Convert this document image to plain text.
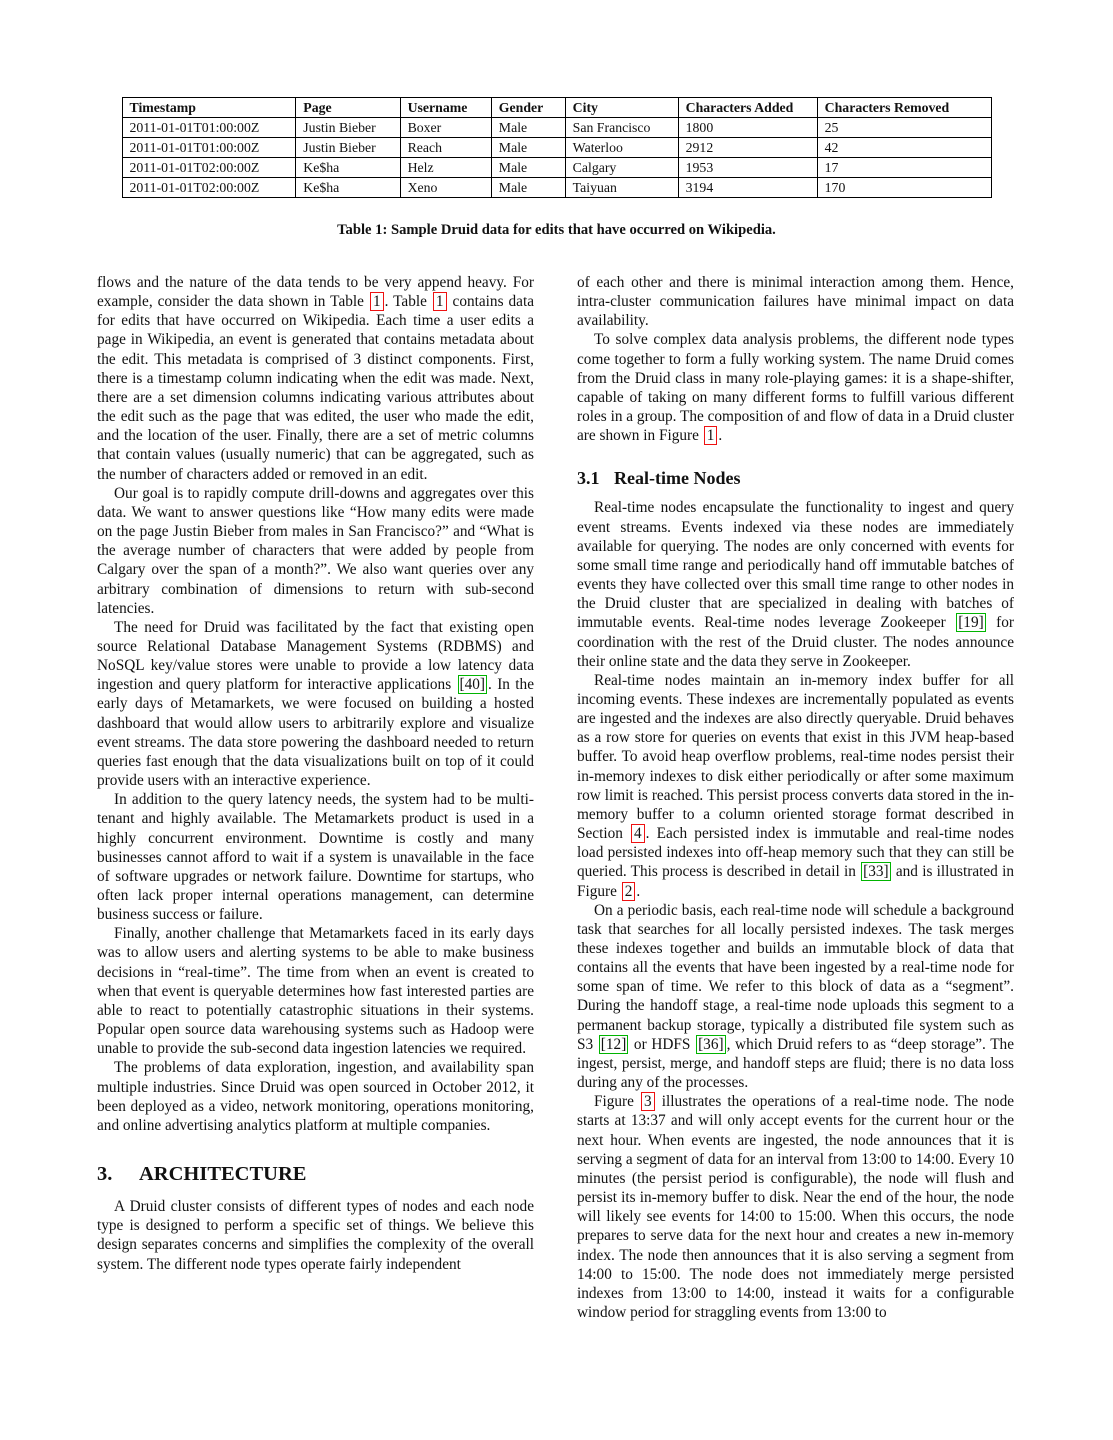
Timestamp	Page	Username	Gender	City	Characters Added	Characters Removed
2011-01-01T01:00:00Z	Justin Bieber	Boxer	Male	San Francisco	1800	25
2011-01-01T01:00:00Z	Justin Bieber	Reach	Male	Waterloo	2912	42
2011-01-01T02:00:00Z	Ke$ha	Helz	Male	Calgary	1953	17
2011-01-01T02:00:00Z	Ke$ha	Xeno	Male	Taiyuan	3194	170
Table 1: Sample Druid data for edits that have occurred on Wikipedia.

flows and the nature of the data tends to be very append heavy. For example, consider the data shown in Table 1 . Table 1 contains data for edits that have occurred on Wikipedia. Each time a user edits a page in Wikipedia, an event is generated that contains metadata about the edit. This metadata is comprised of 3 distinct components. First, there is a timestamp column indicating when the edit was made. Next, there are a set dimension columns indicating various attributes about the edit such as the page that was edited, the user who made the edit, and the location of the user. Finally, there are a set of metric columns that contain values (usually numeric) that can be aggregated, such as the number of characters added or removed in an edit.

Our goal is to rapidly compute drill-downs and aggregates over this data. We want to answer questions like “How many edits were made on the page Justin Bieber from males in San Francisco?” and “What is the average number of characters that were added by people from Calgary over the span of a month?”. We also want queries over any arbitrary combination of dimensions to return with sub-second latencies.

The need for Druid was facilitated by the fact that existing open source Relational Database Management Systems (RDBMS) and NoSQL key/value stores were unable to provide a low latency data ingestion and query platform for interactive applications [40] . In the early days of Metamarkets, we were focused on building a hosted dashboard that would allow users to arbitrarily explore and visualize event streams. The data store powering the dashboard needed to return queries fast enough that the data visualizations built on top of it could provide users with an interactive experience.

In addition to the query latency needs, the system had to be multi-tenant and highly available. The Metamarkets product is used in a highly concurrent environment. Downtime is costly and many businesses cannot afford to wait if a system is unavailable in the face of software upgrades or network failure. Downtime for startups, who often lack proper internal operations management, can determine business success or failure.

Finally, another challenge that Metamarkets faced in its early days was to allow users and alerting systems to be able to make business decisions in “real-time”. The time from when an event is created to when that event is queryable determines how fast interested parties are able to react to potentially catastrophic situations in their systems. Popular open source data warehousing systems such as Hadoop were unable to provide the sub-second data ingestion latencies we required.

The problems of data exploration, ingestion, and availability span multiple industries. Since Druid was open sourced in October 2012, it been deployed as a video, network monitoring, operations monitoring, and online advertising analytics platform at multiple companies.

3. ARCHITECTURE

A Druid cluster consists of different types of nodes and each node type is designed to perform a specific set of things. We believe this design separates concerns and simplifies the complexity of the overall system. The different node types operate fairly independent

of each other and there is minimal interaction among them. Hence, intra-cluster communication failures have minimal impact on data availability.

To solve complex data analysis problems, the different node types come together to form a fully working system. The name Druid comes from the Druid class in many role-playing games: it is a shape-shifter, capable of taking on many different forms to fulfill various different roles in a group. The composition of and flow of data in a Druid cluster are shown in Figure 1 .

3.1 Real-time Nodes

Real-time nodes encapsulate the functionality to ingest and query event streams. Events indexed via these nodes are immediately available for querying. The nodes are only concerned with events for some small time range and periodically hand off immutable batches of events they have collected over this small time range to other nodes in the Druid cluster that are specialized in dealing with batches of immutable events. Real-time nodes leverage Zookeeper [19] for coordination with the rest of the Druid cluster. The nodes announce their online state and the data they serve in Zookeeper.

Real-time nodes maintain an in-memory index buffer for all incoming events. These indexes are incrementally populated as events are ingested and the indexes are also directly queryable. Druid behaves as a row store for queries on events that exist in this JVM heap-based buffer. To avoid heap overflow problems, real-time nodes persist their in-memory indexes to disk either periodically or after some maximum row limit is reached. This persist process converts data stored in the in-memory buffer to a column oriented storage format described in Section 4 . Each persisted index is immutable and real-time nodes load persisted indexes into off-heap memory such that they can still be queried. This process is described in detail in [33] and is illustrated in Figure 2 .

On a periodic basis, each real-time node will schedule a background task that searches for all locally persisted indexes. The task merges these indexes together and builds an immutable block of data that contains all the events that have been ingested by a real-time node for some span of time. We refer to this block of data as a “segment”. During the handoff stage, a real-time node uploads this segment to a permanent backup storage, typically a distributed file system such as S3 [12] or HDFS [36] , which Druid refers to as “deep storage”. The ingest, persist, merge, and handoff steps are fluid; there is no data loss during any of the processes.

Figure 3 illustrates the operations of a real-time node. The node starts at 13:37 and will only accept events for the current hour or the next hour. When events are ingested, the node announces that it is serving a segment of data for an interval from 13:00 to 14:00. Every 10 minutes (the persist period is configurable), the node will flush and persist its in-memory buffer to disk. Near the end of the hour, the node will likely see events for 14:00 to 15:00. When this occurs, the node prepares to serve data for the next hour and creates a new in-memory index. The node then announces that it is also serving a segment from 14:00 to 15:00. The node does not immediately merge persisted indexes from 13:00 to 14:00, instead it waits for a configurable window period for straggling events from 13:00 to
